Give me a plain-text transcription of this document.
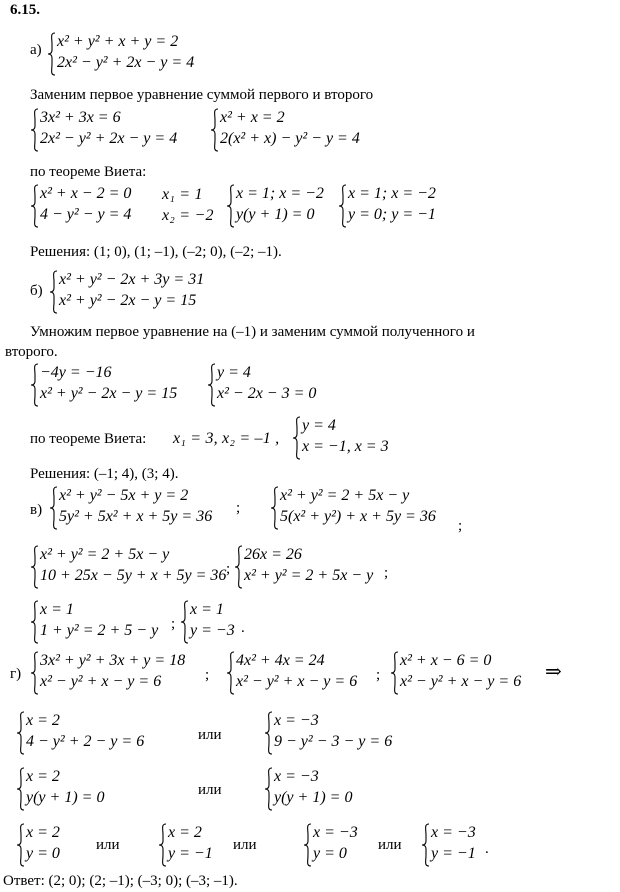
6.15.
а) x² + y² + x + y = 2
2x² − y² + 2x − y = 4
Заменим первое уравнение суммой первого и второго
3x² + 3x = 6
2x² − y² + 2x − y = 4
x² + x = 2
2(x² + x) − y² − y = 4
по теореме Виета:
x² + x − 2 = 0
4 − y² − y = 4
x₁ = 1
x₂ = −2
x = 1; x = −2
y(y + 1) = 0
x = 1; x = −2
y = 0; y = −1
Решения: (1; 0), (1; –1), (–2; 0), (–2; –1).
б)
x² + y² − 2x + 3y = 31
x² + y² − 2x − y = 15
Умножим первое уравнение на (–1) и заменим суммой полученного и
второго.
−4y = −16
x² + y² − 2x − y = 15
y = 4
x² − 2x − 3 = 0
по теореме Виета: x₁ = 3, x₂ = –1 ,
y = 4
x = −1, x = 3
Решения: (–1; 4), (3; 4).
в)
x² + y² − 5x + y = 2
5y² + 5x² + x + 5y = 36 ;
x² + y² = 2 + 5x − y
5(x² + y²) + x + 5y = 36
;
x² + y² = 2 + 5x − y
10 + 25x − 5y + x + 5y = 36 ;
26x = 26
x² + y² = 2 + 5x − y ;
x = 1
1 + y² = 2 + 5 − y ;
x = 1
y = −3 .
г)
3x² + y² + 3x + y = 18
x² − y² + x − y = 6	;
4x² + 4x = 24
x² − y² + x − y = 6 ;
x² + x − 6 = 0
x² − y² + x − y = 6 ⇒
x = 2
4 − y² + 2 − y = 6	или
x = −3
9 − y² − 3 − y = 6
x = 2
y(y + 1) = 0	или
x = −3
y(y + 1) = 0
x = 2
y = 0 или
x = 2
y = −1 или
x = −3
y = 0 или
x = −3
y = −1 .
Ответ: (2; 0); (2; –1); (–3; 0); (–3; –1).
